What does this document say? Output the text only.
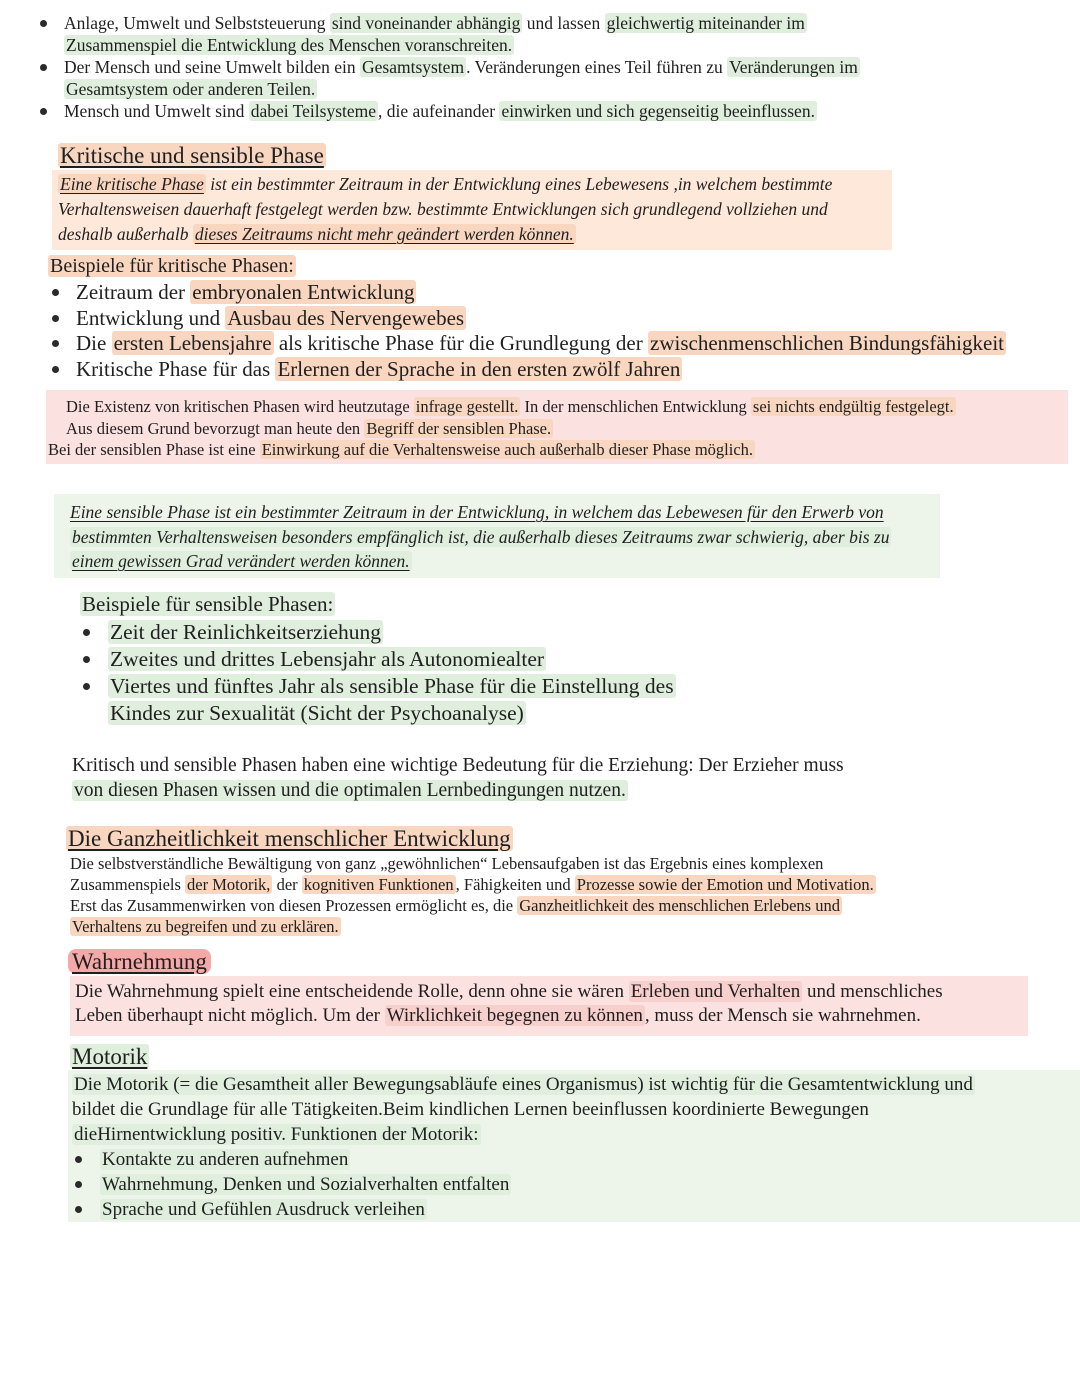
Anlage, Umwelt und Selbststeuerung sind voneinander abhängig und lassen gleichwertig miteinander im
Zusammenspiel die Entwicklung des Menschen voranschreiten.
Der Mensch und seine Umwelt bilden ein Gesamtsystem . Veränderungen eines Teil führen zu Veränderungen im
Gesamtsystem oder anderen Teilen.
Mensch und Umwelt sind dabei Teilsysteme , die aufeinander einwirken und sich gegenseitig beeinflussen.
Kritische und sensible Phase
Eine kritische Phase ist ein bestimmter Zeitraum in der Entwicklung eines Lebewesens ,in welchem bestimmte
Verhaltensweisen dauerhaft festgelegt werden bzw. bestimmte Entwicklungen sich grundlegend vollziehen und
deshalb außerhalb dieses Zeitraums nicht mehr geändert werden können.
Beispiele für kritische Phasen:
Zeitraum der embryonalen Entwicklung
Entwicklung und Ausbau des Nervengewebes
Die ersten Lebensjahre als kritische Phase für die Grundlegung der zwischenmenschlichen Bindungsfähigkeit
Kritische Phase für das Erlernen der Sprache in den ersten zwölf Jahren
Die Existenz von kritischen Phasen wird heutzutage infrage gestellt. In der menschlichen Entwicklung sei nichts endgültig festgelegt.
Aus diesem Grund bevorzugt man heute den Begriff der sensiblen Phase.
Bei der sensiblen Phase ist eine Einwirkung auf die Verhaltensweise auch außerhalb dieser Phase möglich.
Eine sensible Phase ist ein bestimmter Zeitraum in der Entwicklung, in welchem das Lebewesen für den Erwerb von
bestimmten Verhaltensweisen besonders empfänglich ist, die außerhalb dieses Zeitraums zwar schwierig, aber bis zu
einem gewissen Grad verändert werden können.
Beispiele für sensible Phasen:
Zeit der Reinlichkeitserziehung
Zweites und drittes Lebensjahr als Autonomiealter
Viertes und fünftes Jahr als sensible Phase für die Einstellung des
Kindes zur Sexualität (Sicht der Psychoanalyse)
Kritisch und sensible Phasen haben eine wichtige Bedeutung für die Erziehung: Der Erzieher muss
von diesen Phasen wissen und die optimalen Lernbedingungen nutzen.
Die Ganzheitlichkeit menschlicher Entwicklung
Die selbstverständliche Bewältigung von ganz „gewöhnlichen“ Lebensaufgaben ist das Ergebnis eines komplexen
Zusammenspiels der Motorik, der kognitiven Funktionen , Fähigkeiten und Prozesse sowie der Emotion und Motivation.
Erst das Zusammenwirken von diesen Prozessen ermöglicht es, die Ganzheitlichkeit des menschlichen Erlebens und
Verhaltens zu begreifen und zu erklären.
Wahrnehmung
Die Wahrnehmung spielt eine entscheidende Rolle, denn ohne sie wären Erleben und Verhalten und menschliches
Leben überhaupt nicht möglich. Um der Wirklichkeit begegnen zu können , muss der Mensch sie wahrnehmen.
Motorik
Die Motorik (= die Gesamtheit aller Bewegungsabläufe eines Organismus) ist wichtig für die Gesamtentwicklung und
bildet die Grundlage für alle Tätigkeiten.Beim kindlichen Lernen beeinflussen koordinierte Bewegungen
dieHirnentwicklung positiv. Funktionen der Motorik:
Kontakte zu anderen aufnehmen
Wahrnehmung, Denken und Sozialverhalten entfalten
Sprache und Gefühlen Ausdruck verleihen
